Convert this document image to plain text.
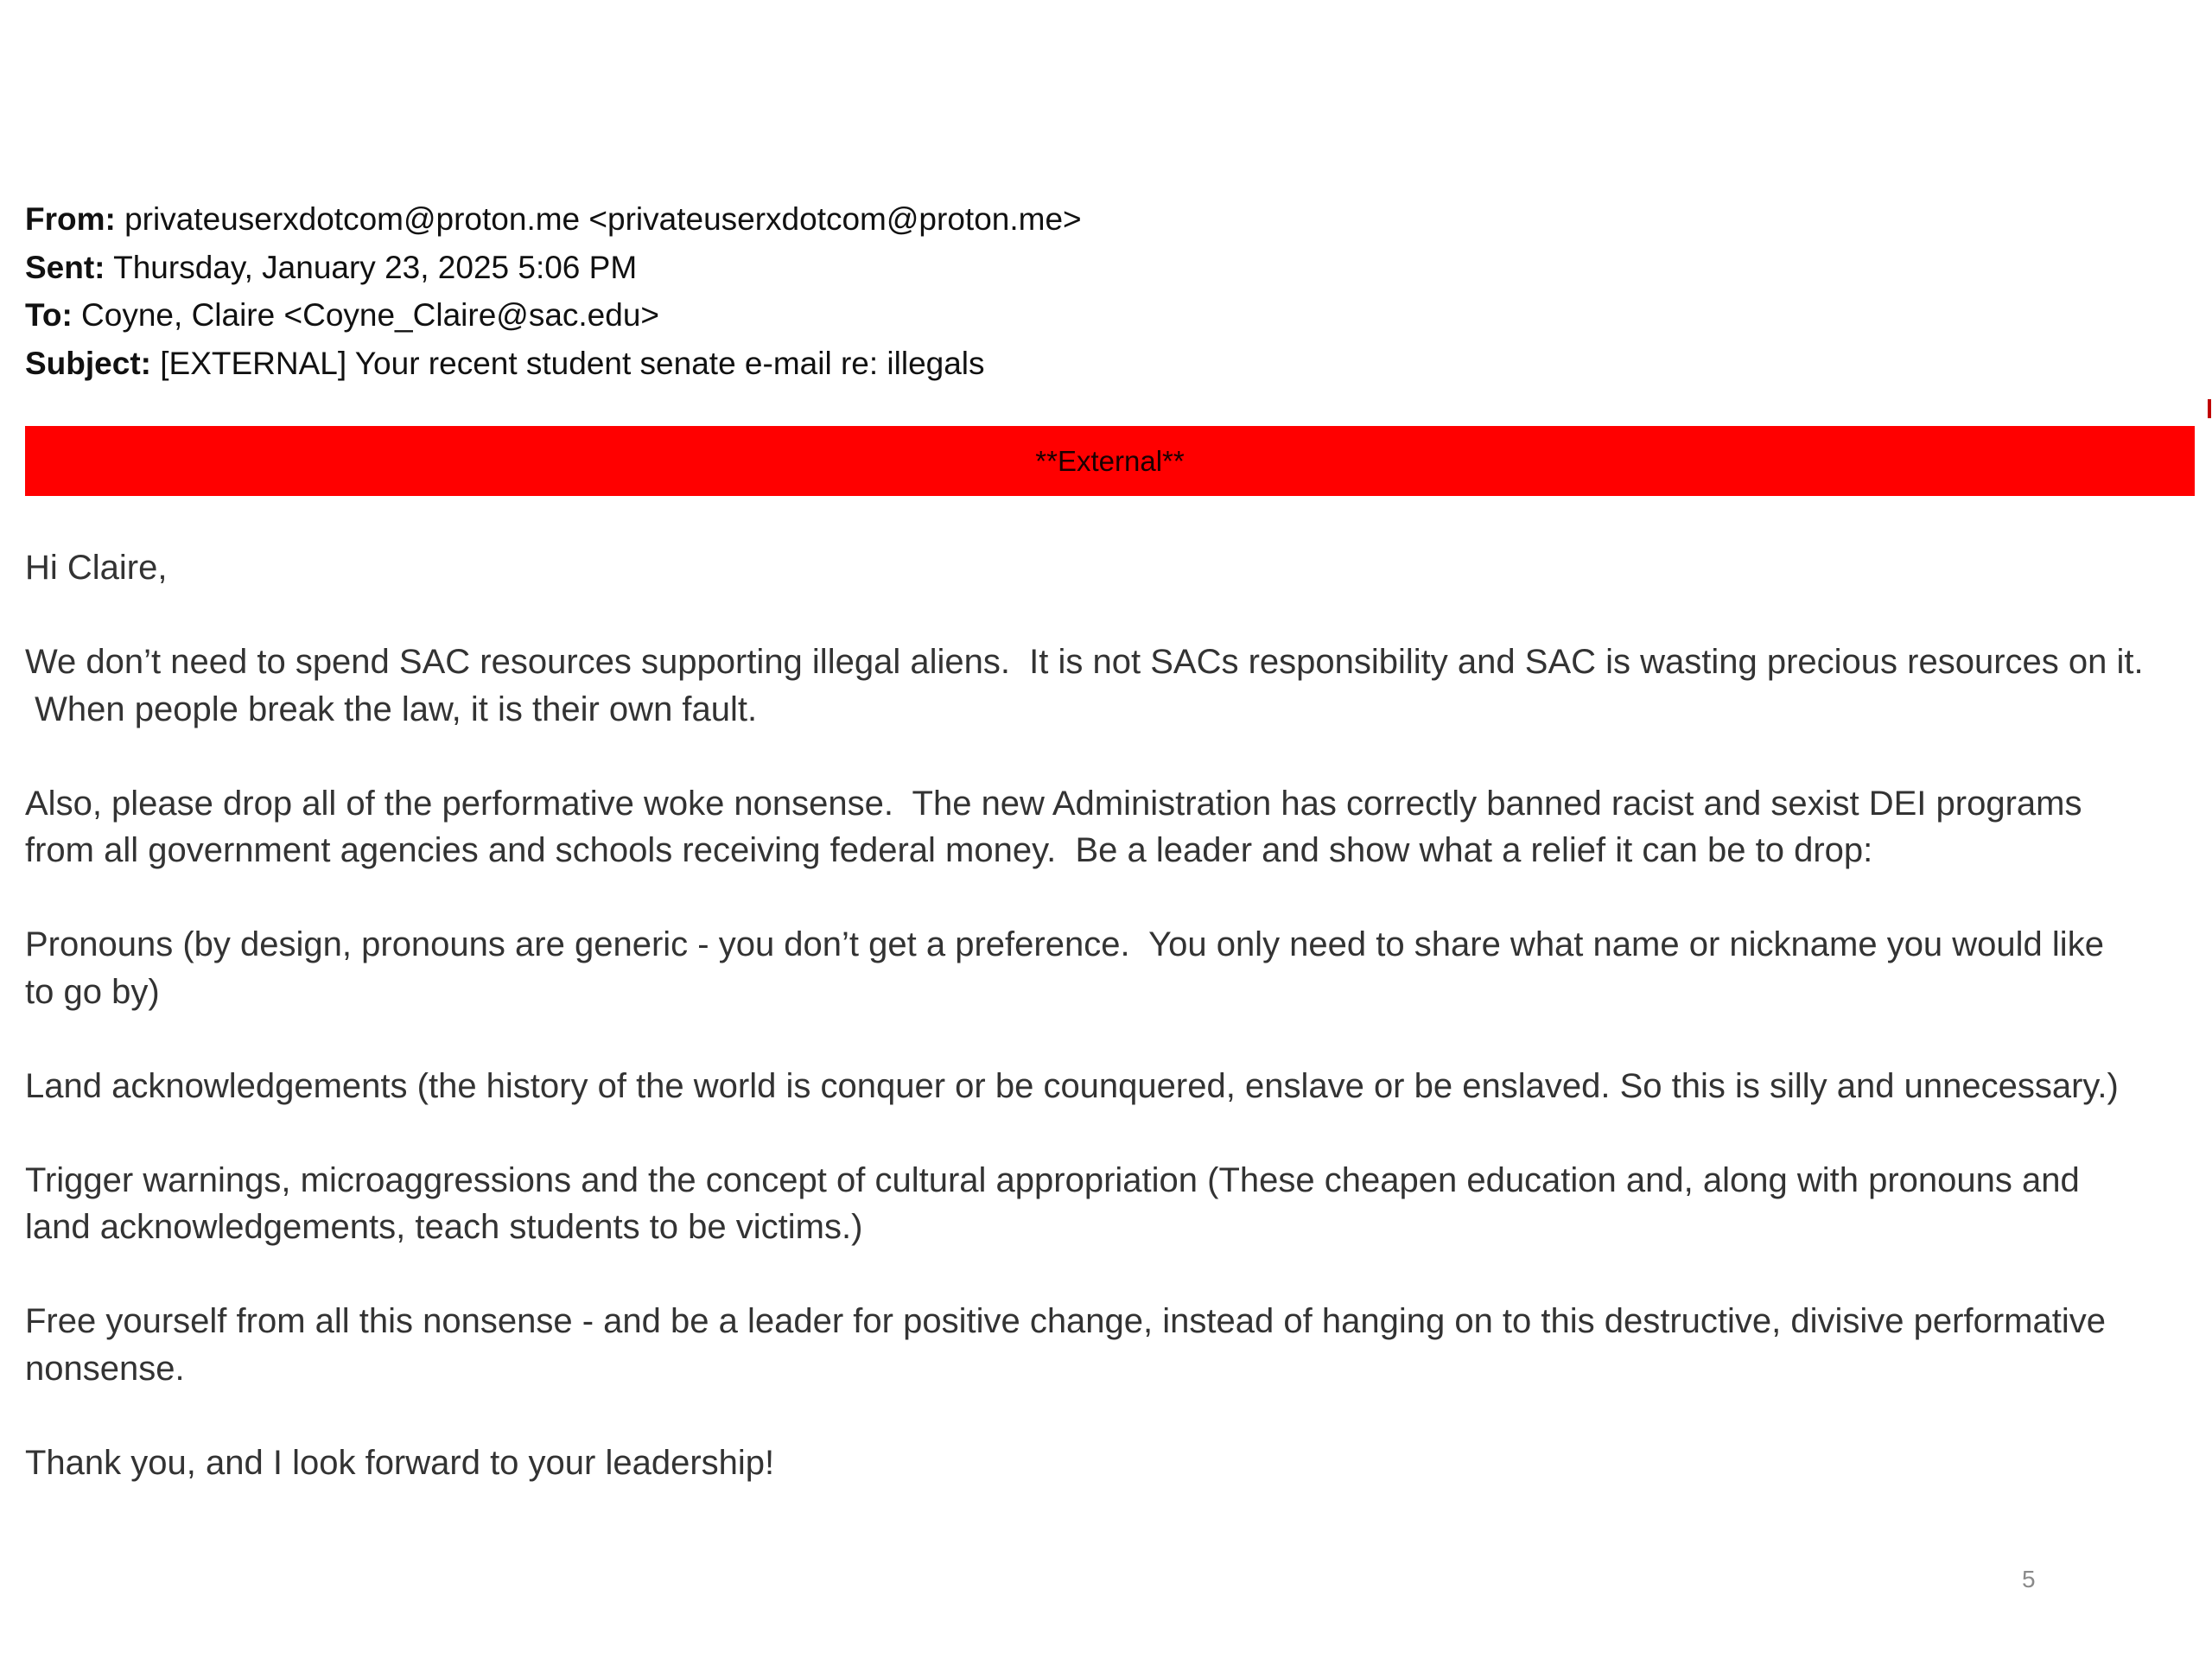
From: privateuserxdotcom@proton.me <privateuserxdotcom@proton.me>
Sent: Thursday, January 23, 2025 5:06 PM
To: Coyne, Claire <Coyne_Claire@sac.edu>
Subject: [EXTERNAL] Your recent student senate e-mail re: illegals
**External**

Hi Claire,

We don’t need to spend SAC resources supporting illegal aliens.  It is not SACs responsibility and SAC is wasting precious resources on it.
When people break the law, it is their own fault.

Also, please drop all of the performative woke nonsense.  The new Administration has correctly banned racist and sexist DEI programs
from all government agencies and schools receiving federal money.  Be a leader and show what a relief it can be to drop:

Pronouns (by design, pronouns are generic - you don’t get a preference.  You only need to share what name or nickname you would like
to go by)

Land acknowledgements (the history of the world is conquer or be counquered, enslave or be enslaved. So this is silly and unnecessary.)

Trigger warnings, microaggressions and the concept of cultural appropriation (These cheapen education and, along with pronouns and
land acknowledgements, teach students to be victims.)

Free yourself from all this nonsense - and be a leader for positive change, instead of hanging on to this destructive, divisive performative
nonsense.

Thank you, and I look forward to your leadership!

5
